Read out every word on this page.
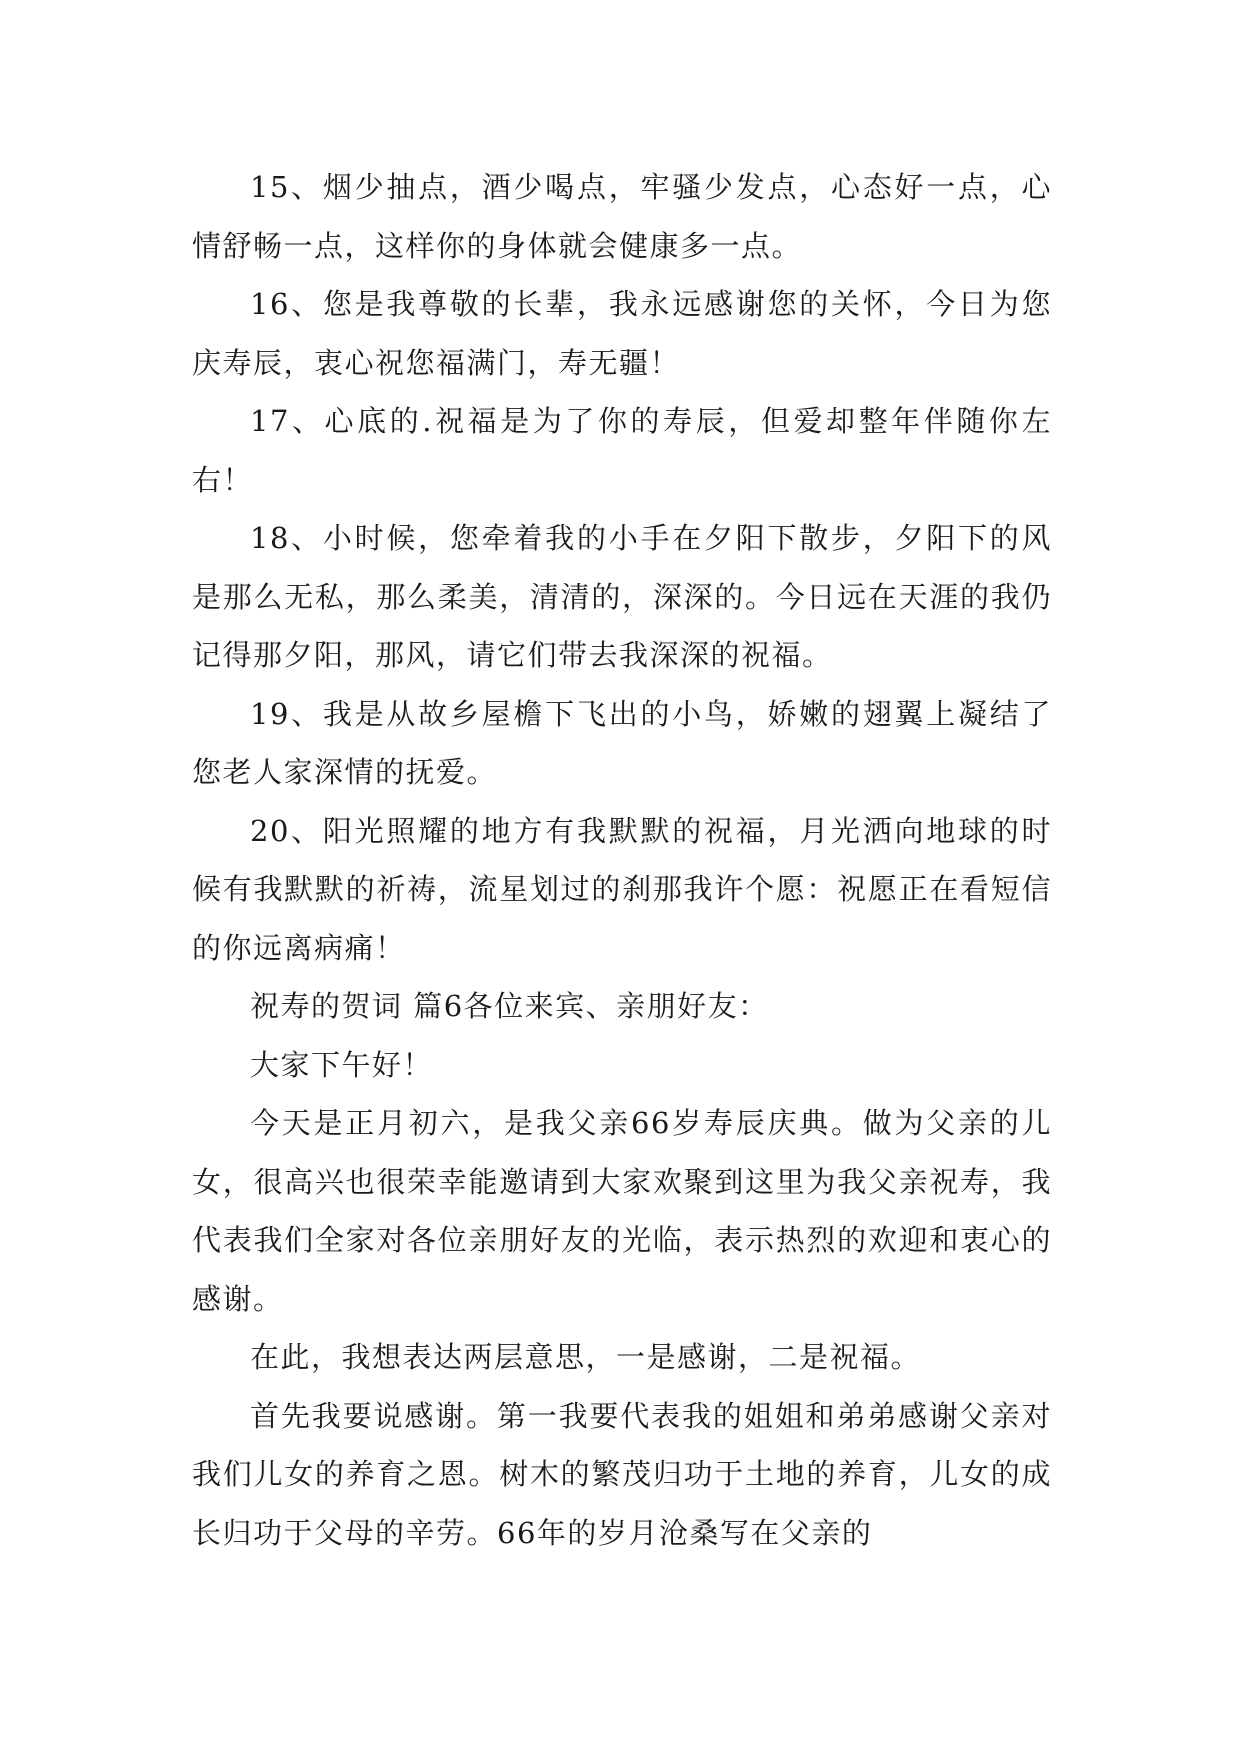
15、烟少抽点，酒少喝点，牢骚少发点，心态好一点，心情舒畅一点，这样你的身体就会健康多一点。

16、您是我尊敬的长辈，我永远感谢您的关怀，今日为您庆寿辰，衷心祝您福满门，寿无疆！

17、心底的.祝福是为了你的寿辰，但爱却整年伴随你左右！

18、小时候，您牵着我的小手在夕阳下散步，夕阳下的风是那么无私，那么柔美，清清的，深深的。今日远在天涯的我仍记得那夕阳，那风，请它们带去我深深的祝福。

19、我是从故乡屋檐下飞出的小鸟，娇嫩的翅翼上凝结了您老人家深情的抚爱。

20、阳光照耀的地方有我默默的祝福，月光洒向地球的时候有我默默的祈祷，流星划过的刹那我许个愿：祝愿正在看短信的你远离病痛！

祝寿的贺词 篇6各位来宾、亲朋好友：

大家下午好！

今天是正月初六，是我父亲66岁寿辰庆典。做为父亲的儿女，很高兴也很荣幸能邀请到大家欢聚到这里为我父亲祝寿，我代表我们全家对各位亲朋好友的光临，表示热烈的欢迎和衷心的感谢。

在此，我想表达两层意思，一是感谢，二是祝福。

首先我要说感谢。第一我要代表我的姐姐和弟弟感谢父亲对我们儿女的养育之恩。树木的繁茂归功于土地的养育，儿女的成长归功于父母的辛劳。66年的岁月沧桑写在父亲的
